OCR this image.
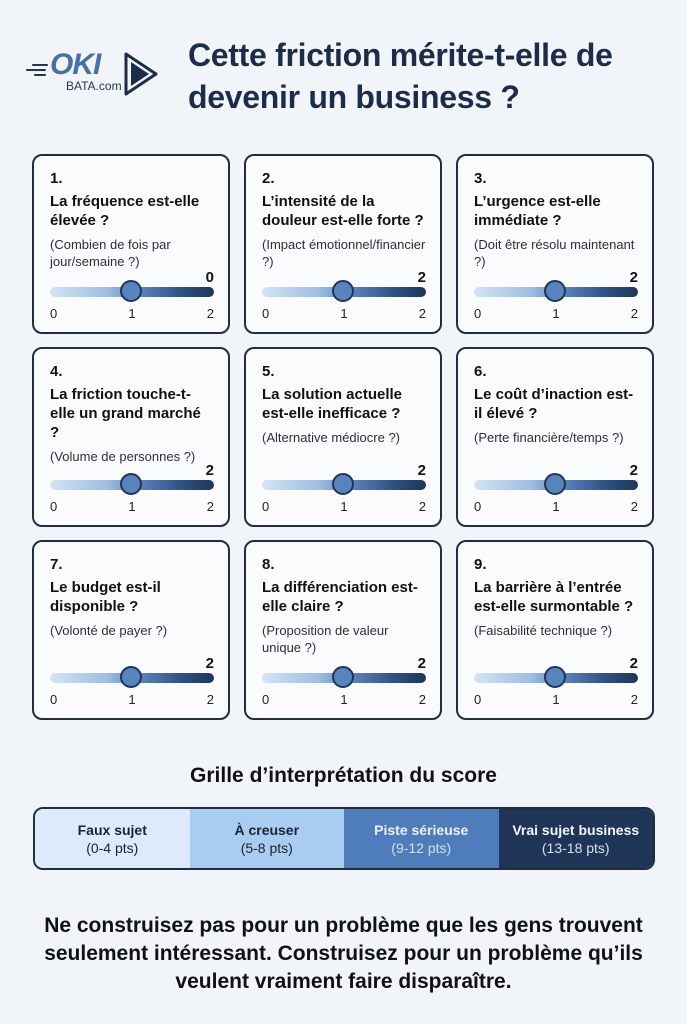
OKI
BATA.com
Cette friction mérite-t-elle de devenir un business ?
1.
La fréquence est-elle élevée ?
(Combien de fois par jour/semaine ?)
0
0	1	2
2.
L’intensité de la douleur est-elle forte ?
(Impact émotionnel/financier ?)
2
0	1	2
3.
L’urgence est-elle immédiate ?
(Doit être résolu maintenant ?)
2
0	1	2
4.
La friction touche-t-elle un grand marché ?
(Volume de personnes ?)
2
0	1	2
5.
La solution actuelle est-elle inefficace ?
(Alternative médiocre ?)
2
0	1	2
6.
Le coût d’inaction est-il élevé ?
(Perte financière/temps ?)
2
0	1	2
7.
Le budget est-il disponible ?
(Volonté de payer ?)
2
0	1	2
8.
La différenciation est-elle claire ?
(Proposition de valeur unique ?)
2
0	1	2
9.
La barrière à l’entrée est-elle surmontable ?
(Faisabilité technique ?)
2
0	1	2
Grille d’interprétation du score
Faux sujet
(0-4 pts)
À creuser
(5-8 pts)
Piste sérieuse
(9-12 pts)
Vrai sujet business
(13-18 pts)

Ne construisez pas pour un problème que les gens trouvent seulement intéressant. Construisez pour un problème qu’ils veulent vraiment faire disparaître.
